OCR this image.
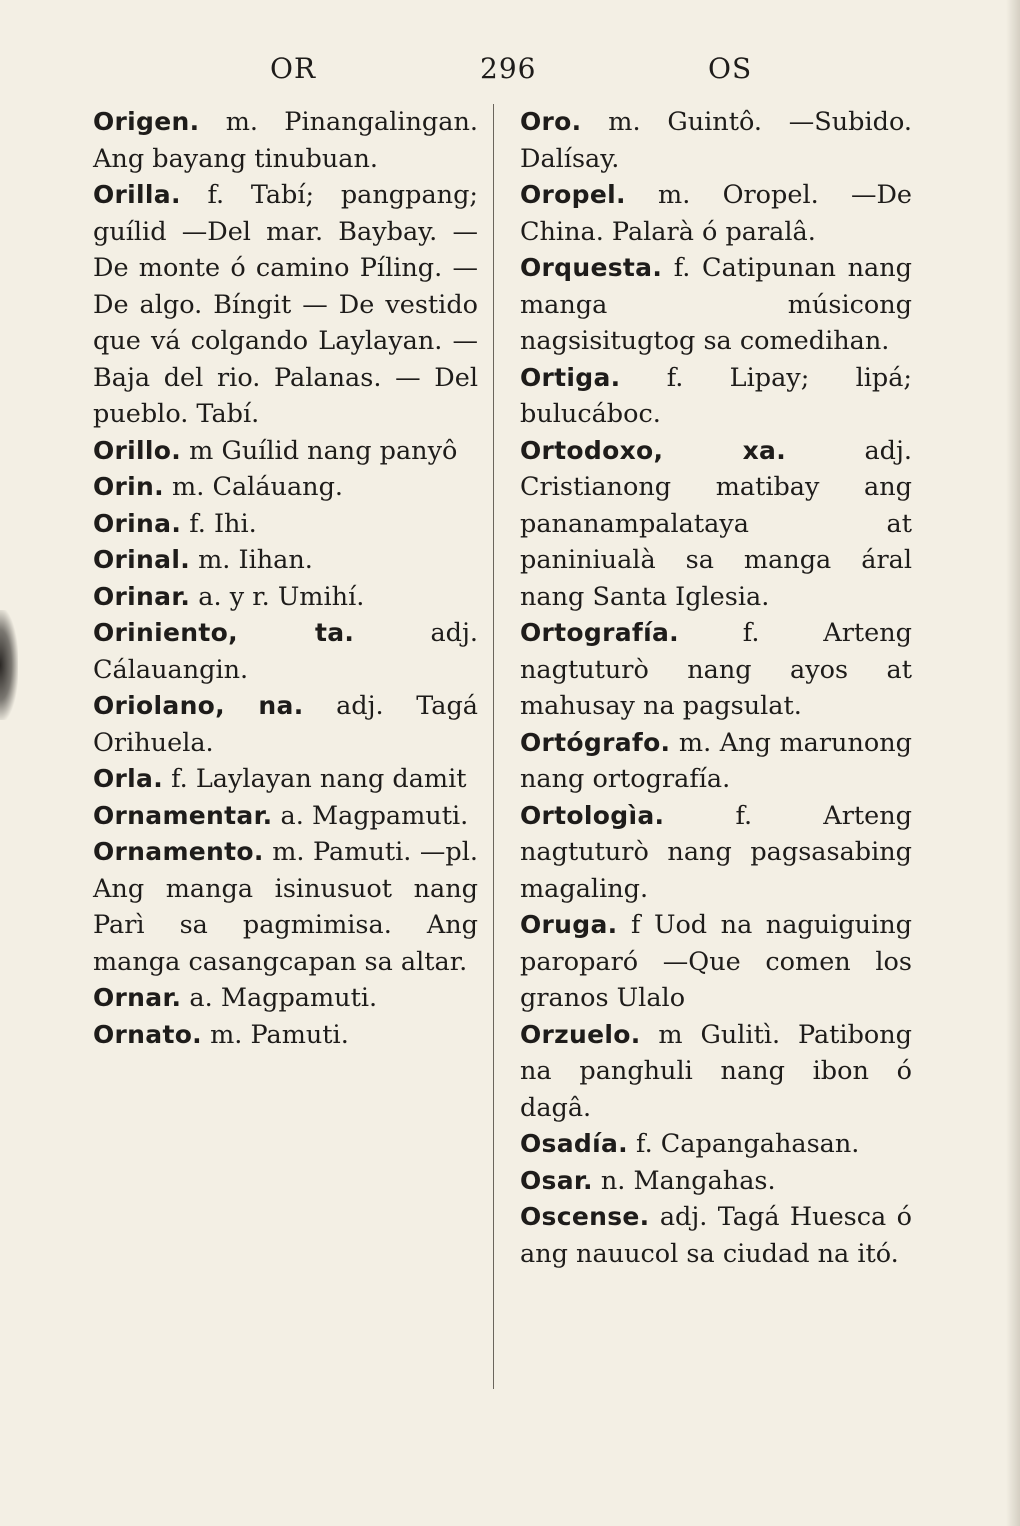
OR	296	OS
Origen. m. Pinangalingan. Ang bayang tinubuan.
Orilla. f. Tabí; pangpang; guílid —Del mar. Baybay. — De monte ó camino Píling. — De algo. Bíngit — De vestido que vá colgando Laylayan. — Baja del rio. Palanas. — Del pueblo. Tabí.
Orillo. m Guílid nang panyô
Orin. m. Caláuang.
Orina. f. Ihi.
Orinal. m. Iihan.
Orinar. a. y r. Umihí.
Oriniento, ta. adj. Cálauangin.
Oriolano, na. adj. Tagá Orihuela.
Orla. f. Laylayan nang damit
Ornamentar. a. Magpamuti.
Ornamento. m. Pamuti. —pl. Ang manga isinusuot nang Parì sa pagmimisa. Ang manga casangcapan sa altar.
Ornar. a. Magpamuti.
Ornato. m. Pamuti.
Oro. m. Guintô. —Subido. Dalísay.
Oropel. m. Oropel. —De China. Palarà ó paralâ.
Orquesta. f. Catipunan nang manga músicong nagsisitugtog sa comedihan.
Ortiga. f. Lipay; lipá; bulucáboc.
Ortodoxo, xa. adj. Cristianong matibay ang pananampalataya at paniniualà sa manga áral nang Santa Iglesia.
Ortografía. f. Arteng nagtuturò nang ayos at mahusay na pagsulat.
Ortógrafo. m. Ang marunong nang ortografía.
Ortologìa. f. Arteng nagtuturò nang pagsasabing magaling.
Oruga. f Uod na naguiguing paroparó —Que comen los granos Ulalo
Orzuelo. m Gulitì. Patibong na panghuli nang ibon ó dagâ.
Osadía. f. Capangahasan.
Osar. n. Mangahas.
Oscense. adj. Tagá Huesca ó ang nauucol sa ciudad na itó.
